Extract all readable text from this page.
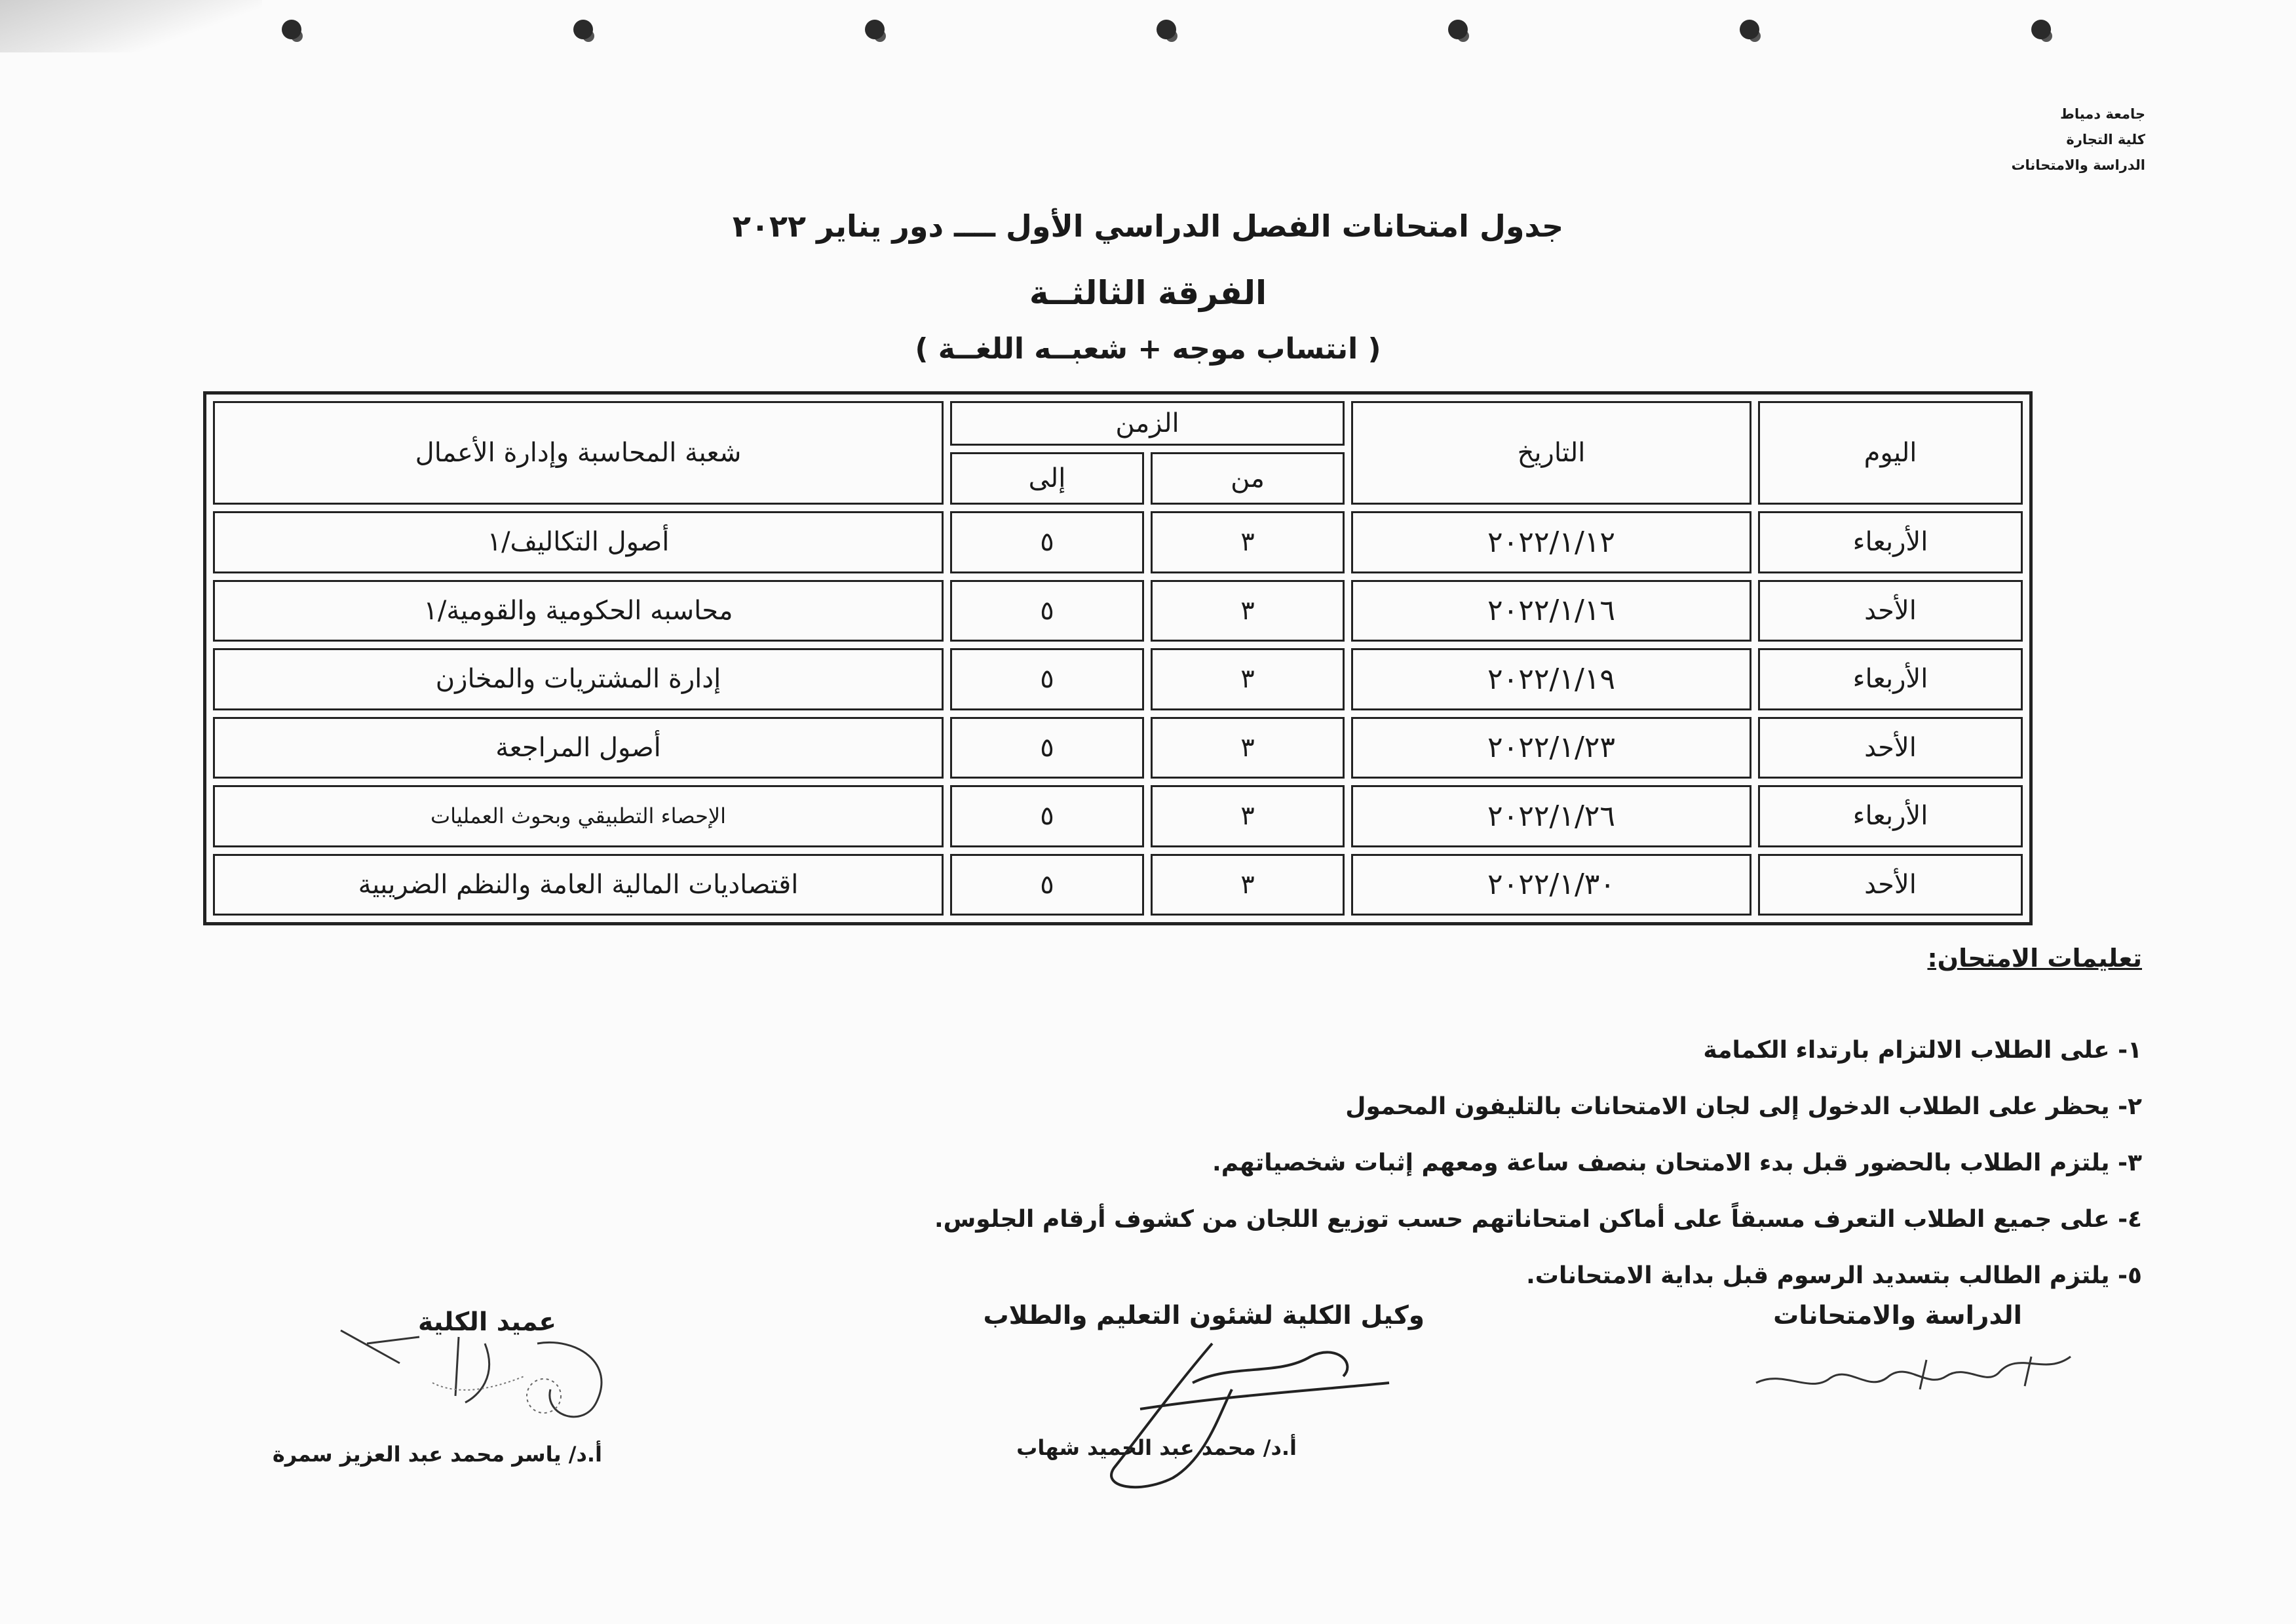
جامعة دمياط
كلية التجارة
الدراسة والامتحانات
جدول امتحانات الفصل الدراسي الأول ــــ دور يناير ٢٠٢٢
الفرقة الثالثــة
( انتساب موجه + شعبــه اللغــة )
اليوم	التاريخ	الزمن		شعبة المحاسبة وإدارة الأعمال
		من	إلى	
الأربعاء	٢٠٢٢/١/١٢	٣	٥	أصول التكاليف/١
الأحد	٢٠٢٢/١/١٦	٣	٥	محاسبه الحكومية والقومية/١
الأربعاء	٢٠٢٢/١/١٩	٣	٥	إدارة المشتريات والمخازن
الأحد	٢٠٢٢/١/٢٣	٣	٥	أصول المراجعة
الأربعاء	٢٠٢٢/١/٢٦	٣	٥	الإحصاء التطبيقي وبحوث العمليات
الأحد	٢٠٢٢/١/٣٠	٣	٥	اقتصاديات المالية العامة والنظم الضريبية
تعليمات الامتحان:
١- على الطلاب الالتزام بارتداء الكمامة
٢- يحظر على الطلاب الدخول إلى لجان الامتحانات بالتليفون المحمول
٣- يلتزم الطلاب بالحضور قبل بدء الامتحان بنصف ساعة ومعهم إثبات شخصياتهم.
٤- على جميع الطلاب التعرف مسبقاً على أماكن امتحاناتهم حسب توزيع اللجان من كشوف أرقام الجلوس.
٥- يلتزم الطالب بتسديد الرسوم قبل بداية الامتحانات.
الدراسة والامتحانات
وكيل الكلية لشئون التعليم والطلاب
عميد الكلية
أ.د/ محمد عبد الحميد شهاب
أ.د/ ياسر محمد عبد العزيز سمرة
